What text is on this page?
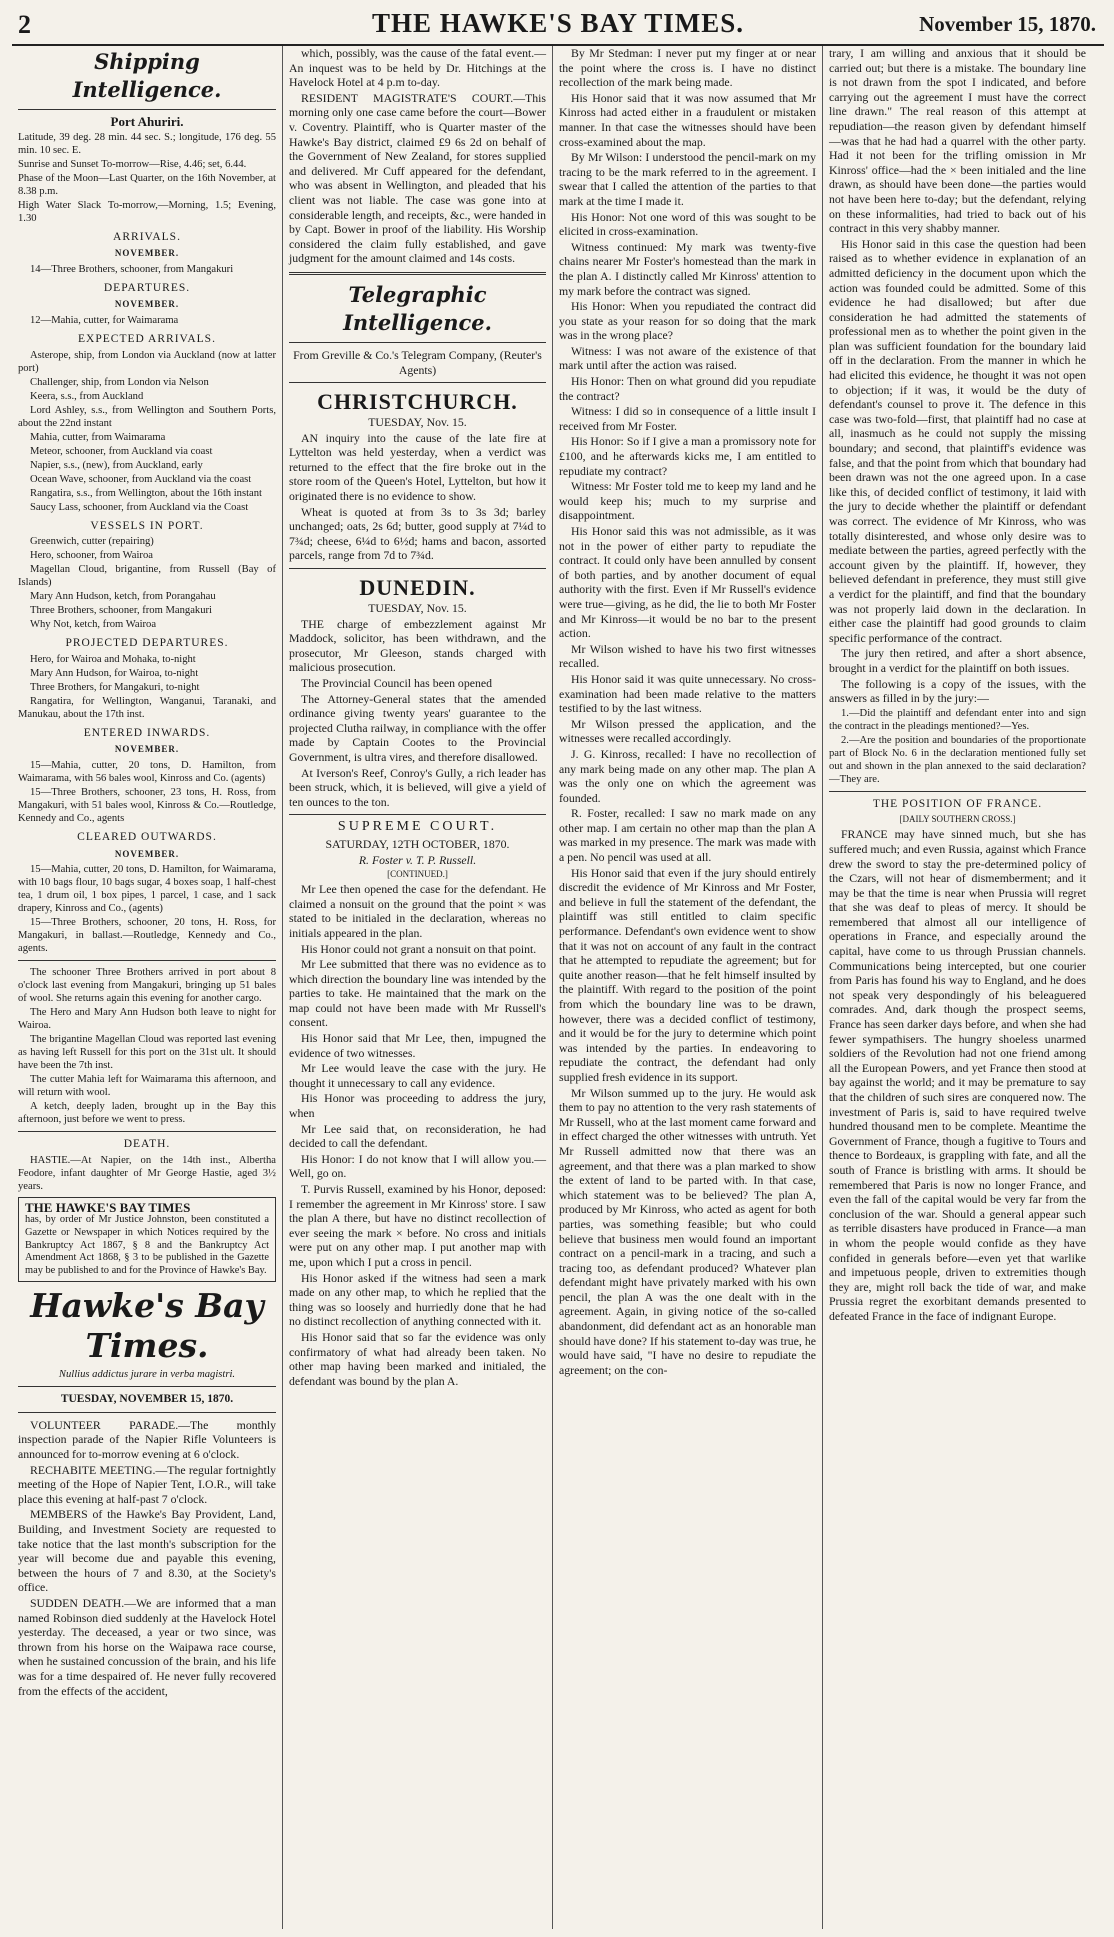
2	THE HAWKE'S BAY TIMES.	November 15, 1870.
Shipping Intelligence.

Port Ahuriri.

Latitude, 39 deg. 28 min. 44 sec. S.; longitude, 176 deg. 55 min. 10 sec. E.

Sunrise and Sunset To-morrow—Rise, 4.46; set, 6.44.

Phase of the Moon—Last Quarter, on the 16th November, at 8.38 p.m.

High Water Slack To-morrow,—Morning, 1.5; Evening, 1.30

ARRIVALS.
NOVEMBER.

14—Three Brothers, schooner, from Mangakuri

DEPARTURES.
NOVEMBER.

12—Mahia, cutter, for Waimarama

EXPECTED ARRIVALS.

Asterope, ship, from London via Auckland (now at latter port)

Challenger, ship, from London via Nelson

Keera, s.s., from Auckland

Lord Ashley, s.s., from Wellington and Southern Ports, about the 22nd instant

Mahia, cutter, from Waimarama

Meteor, schooner, from Auckland via coast

Napier, s.s., (new), from Auckland, early

Ocean Wave, schooner, from Auckland via the coast

Rangatira, s.s., from Wellington, about the 16th instant

Saucy Lass, schooner, from Auckland via the Coast

VESSELS IN PORT.

Greenwich, cutter (repairing)

Hero, schooner, from Wairoa

Magellan Cloud, brigantine, from Russell (Bay of Islands)

Mary Ann Hudson, ketch, from Porangahau

Three Brothers, schooner, from Mangakuri

Why Not, ketch, from Wairoa

PROJECTED DEPARTURES.

Hero, for Wairoa and Mohaka, to-night

Mary Ann Hudson, for Wairoa, to-night

Three Brothers, for Mangakuri, to-night

Rangatira, for Wellington, Wanganui, Taranaki, and Manukau, about the 17th inst.

ENTERED INWARDS.
NOVEMBER.

15—Mahia, cutter, 20 tons, D. Hamilton, from Waimarama, with 56 bales wool, Kinross and Co. (agents)

15—Three Brothers, schooner, 23 tons, H. Ross, from Mangakuri, with 51 bales wool, Kinross & Co.—Routledge, Kennedy and Co., agents

CLEARED OUTWARDS.
NOVEMBER.

15—Mahia, cutter, 20 tons, D. Hamilton, for Waimarama, with 10 bags flour, 10 bags sugar, 4 boxes soap, 1 half-chest tea, 1 drum oil, 1 box pipes, 1 parcel, 1 case, and 1 sack drapery, Kinross and Co., (agents)

15—Three Brothers, schooner, 20 tons, H. Ross, for Mangakuri, in ballast.—Routledge, Kennedy and Co., agents.

The schooner Three Brothers arrived in port about 8 o'clock last evening from Mangakuri, bringing up 51 bales of wool. She returns again this evening for another cargo.

The Hero and Mary Ann Hudson both leave to night for Wairoa.

The brigantine Magellan Cloud was reported last evening as having left Russell for this port on the 31st ult. It should have been the 7th inst.

The cutter Mahia left for Waimarama this afternoon, and will return with wool.

A ketch, deeply laden, brought up in the Bay this afternoon, just before we went to press.

DEATH.

HASTIE.—At Napier, on the 14th inst., Albertha Feodore, infant daughter of Mr George Hastie, aged 3½ years.

THE HAWKE'S BAY TIMES
has, by order of Mr Justice Johnston, been constituted a Gazette or Newspaper in which Notices required by the Bankruptcy Act 1867, § 8 and the Bankruptcy Act Amendment Act 1868, § 3 to be published in the Gazette may be published to and for the Province of Hawke's Bay.
Hawke's Bay Times.

Nullius addictus jurare in verba magistri.

TUESDAY, NOVEMBER 15, 1870.

VOLUNTEER PARADE.—The monthly inspection parade of the Napier Rifle Volunteers is announced for to-morrow evening at 6 o'clock.

RECHABITE MEETING.—The regular fortnightly meeting of the Hope of Napier Tent, I.O.R., will take place this evening at half-past 7 o'clock.

MEMBERS of the Hawke's Bay Provident, Land, Building, and Investment Society are requested to take notice that the last month's subscription for the year will become due and payable this evening, between the hours of 7 and 8.30, at the Society's office.

SUDDEN DEATH.—We are informed that a man named Robinson died suddenly at the Havelock Hotel yesterday. The deceased, a year or two since, was thrown from his horse on the Waipawa race course, when he sustained concussion of the brain, and his life was for a time despaired of. He never fully recovered from the effects of the accident,

which, possibly, was the cause of the fatal event.—An inquest was to be held by Dr. Hitchings at the Havelock Hotel at 4 p.m to-day.

RESIDENT MAGISTRATE'S COURT.—This morning only one case came before the court—Bower v. Coventry. Plaintiff, who is Quarter master of the Hawke's Bay district, claimed £9 6s 2d on behalf of the Government of New Zealand, for stores supplied and delivered. Mr Cuff appeared for the defendant, who was absent in Wellington, and pleaded that his client was not liable. The case was gone into at considerable length, and receipts, &c., were handed in by Capt. Bower in proof of the liability. His Worship considered the claim fully established, and gave judgment for the amount claimed and 14s costs.

Telegraphic Intelligence.

From Greville & Co.'s Telegram Company, (Reuter's Agents)

CHRISTCHURCH.

TUESDAY, Nov. 15.

AN inquiry into the cause of the late fire at Lyttelton was held yesterday, when a verdict was returned to the effect that the fire broke out in the store room of the Queen's Hotel, Lyttelton, but how it originated there is no evidence to show.

Wheat is quoted at from 3s to 3s 3d; barley unchanged; oats, 2s 6d; butter, good supply at 7¼d to 7¾d; cheese, 6¼d to 6½d; hams and bacon, assorted parcels, range from 7d to 7¾d.

DUNEDIN.

TUESDAY, Nov. 15.

THE charge of embezzlement against Mr Maddock, solicitor, has been withdrawn, and the prosecutor, Mr Gleeson, stands charged with malicious prosecution.

The Provincial Council has been opened

The Attorney-General states that the amended ordinance giving twenty years' guarantee to the projected Clutha railway, in compliance with the offer made by Captain Cootes to the Provincial Government, is ultra vires, and therefore disallowed.

At Iverson's Reef, Conroy's Gully, a rich leader has been struck, which, it is believed, will give a yield of ten ounces to the ton.

SUPREME COURT.

SATURDAY, 12TH OCTOBER, 1870.

R. Foster v. T. P. Russell.

[CONTINUED.]

Mr Lee then opened the case for the defendant. He claimed a nonsuit on the ground that the point × was stated to be initialed in the declaration, whereas no initials appeared in the plan.

His Honor could not grant a nonsuit on that point.

Mr Lee submitted that there was no evidence as to which direction the boundary line was intended by the parties to take. He maintained that the mark on the map could not have been made with Mr Russell's consent.

His Honor said that Mr Lee, then, impugned the evidence of two witnesses.

Mr Lee would leave the case with the jury. He thought it unnecessary to call any evidence.

His Honor was proceeding to address the jury, when

Mr Lee said that, on reconsideration, he had decided to call the defendant.

His Honor: I do not know that I will allow you.—Well, go on.

T. Purvis Russell, examined by his Honor, deposed: I remember the agreement in Mr Kinross' store. I saw the plan A there, but have no distinct recollection of ever seeing the mark × before. No cross and initials were put on any other map. I put another map with me, upon which I put a cross in pencil.

His Honor asked if the witness had seen a mark made on any other map, to which he replied that the thing was so loosely and hurriedly done that he had no distinct recollection of anything connected with it.

His Honor said that so far the evidence was only confirmatory of what had already been taken. No other map having been marked and initialed, the defendant was bound by the plan A.

By Mr Stedman: I never put my finger at or near the point where the cross is. I have no distinct recollection of the mark being made.

His Honor said that it was now assumed that Mr Kinross had acted either in a fraudulent or mistaken manner. In that case the witnesses should have been cross-examined about the map.

By Mr Wilson: I understood the pencil-mark on my tracing to be the mark referred to in the agreement. I swear that I called the attention of the parties to that mark at the time I made it.

His Honor: Not one word of this was sought to be elicited in cross-examination.

Witness continued: My mark was twenty-five chains nearer Mr Foster's homestead than the mark in the plan A. I distinctly called Mr Kinross' attention to my mark before the contract was signed.

His Honor: When you repudiated the contract did you state as your reason for so doing that the mark was in the wrong place?

Witness: I was not aware of the existence of that mark until after the action was raised.

His Honor: Then on what ground did you repudiate the contract?

Witness: I did so in consequence of a little insult I received from Mr Foster.

His Honor: So if I give a man a promissory note for £100, and he afterwards kicks me, I am entitled to repudiate my contract?

Witness: Mr Foster told me to keep my land and he would keep his; much to my surprise and disappointment.

His Honor said this was not admissible, as it was not in the power of either party to repudiate the contract. It could only have been annulled by consent of both parties, and by another document of equal authority with the first. Even if Mr Russell's evidence were true—giving, as he did, the lie to both Mr Foster and Mr Kinross—it would be no bar to the present action.

Mr Wilson wished to have his two first witnesses recalled.

His Honor said it was quite unnecessary. No cross-examination had been made relative to the matters testified to by the last witness.

Mr Wilson pressed the application, and the witnesses were recalled accordingly.

J. G. Kinross, recalled: I have no recollection of any mark being made on any other map. The plan A was the only one on which the agreement was founded.

R. Foster, recalled: I saw no mark made on any other map. I am certain no other map than the plan A was marked in my presence. The mark was made with a pen. No pencil was used at all.

His Honor said that even if the jury should entirely discredit the evidence of Mr Kinross and Mr Foster, and believe in full the statement of the defendant, the plaintiff was still entitled to claim specific performance. Defendant's own evidence went to show that it was not on account of any fault in the contract that he attempted to repudiate the agreement; but for quite another reason—that he felt himself insulted by the plaintiff. With regard to the position of the point from which the boundary line was to be drawn, however, there was a decided conflict of testimony, and it would be for the jury to determine which point was intended by the parties. In endeavoring to repudiate the contract, the defendant had only supplied fresh evidence in its support.

Mr Wilson summed up to the jury. He would ask them to pay no attention to the very rash statements of Mr Russell, who at the last moment came forward and in effect charged the other witnesses with untruth. Yet Mr Russell admitted now that there was an agreement, and that there was a plan marked to show the extent of land to be parted with. In that case, which statement was to be believed? The plan A, produced by Mr Kinross, who acted as agent for both parties, was something feasible; but who could believe that business men would found an important contract on a pencil-mark in a tracing, and such a tracing too, as defendant produced? Whatever plan defendant might have privately marked with his own pencil, the plan A was the one dealt with in the agreement. Again, in giving notice of the so-called abandonment, did defendant act as an honorable man should have done? If his statement to-day was true, he would have said, "I have no desire to repudiate the agreement; on the con-

trary, I am willing and anxious that it should be carried out; but there is a mistake. The boundary line is not drawn from the spot I indicated, and before carrying out the agreement I must have the correct line drawn." The real reason of this attempt at repudiation—the reason given by defendant himself—was that he had had a quarrel with the other party. Had it not been for the trifling omission in Mr Kinross' office—had the × been initialed and the line drawn, as should have been done—the parties would not have been here to-day; but the defendant, relying on these informalities, had tried to back out of his contract in this very shabby manner.

His Honor said in this case the question had been raised as to whether evidence in explanation of an admitted deficiency in the document upon which the action was founded could be admitted. Some of this evidence he had disallowed; but after due consideration he had admitted the statements of professional men as to whether the point given in the plan was sufficient foundation for the boundary laid off in the declaration. From the manner in which he had elicited this evidence, he thought it was not open to objection; if it was, it would be the duty of defendant's counsel to prove it. The defence in this case was two-fold—first, that plaintiff had no case at all, inasmuch as he could not supply the missing boundary; and second, that plaintiff's evidence was false, and that the point from which that boundary had been drawn was not the one agreed upon. In a case like this, of decided conflict of testimony, it laid with the jury to decide whether the plaintiff or defendant was correct. The evidence of Mr Kinross, who was totally disinterested, and whose only desire was to mediate between the parties, agreed perfectly with the account given by the plaintiff. If, however, they believed defendant in preference, they must still give a verdict for the plaintiff, and find that the boundary was not properly laid down in the declaration. In either case the plaintiff had good grounds to claim specific performance of the contract.

The jury then retired, and after a short absence, brought in a verdict for the plaintiff on both issues.

The following is a copy of the issues, with the answers as filled in by the jury:—

1.—Did the plaintiff and defendant enter into and sign the contract in the pleadings mentioned?—Yes.

2.—Are the position and boundaries of the proportionate part of Block No. 6 in the declaration mentioned fully set out and shown in the plan annexed to the said declaration?—They are.

THE POSITION OF FRANCE.

[DAILY SOUTHERN CROSS.]

FRANCE may have sinned much, but she has suffered much; and even Russia, against which France drew the sword to stay the pre-determined policy of the Czars, will not hear of dismemberment; and it may be that the time is near when Prussia will regret that she was deaf to pleas of mercy. It should be remembered that almost all our intelligence of operations in France, and especially around the capital, have come to us through Prussian channels. Communications being intercepted, but one courier from Paris has found his way to England, and he does not speak very despondingly of his beleaguered comrades. And, dark though the prospect seems, France has seen darker days before, and when she had fewer sympathisers. The hungry shoeless unarmed soldiers of the Revolution had not one friend among all the European Powers, and yet France then stood at bay against the world; and it may be premature to say that the children of such sires are conquered now. The investment of Paris is, said to have required twelve hundred thousand men to be complete. Meantime the Government of France, though a fugitive to Tours and thence to Bordeaux, is grappling with fate, and all the south of France is bristling with arms. It should be remembered that Paris is now no longer France, and even the fall of the capital would be very far from the conclusion of the war. Should a general appear such as terrible disasters have produced in France—a man in whom the people would confide as they have confided in generals before—even yet that warlike and impetuous people, driven to extremities though they are, might roll back the tide of war, and make Prussia regret the exorbitant demands presented to defeated France in the face of indignant Europe.
